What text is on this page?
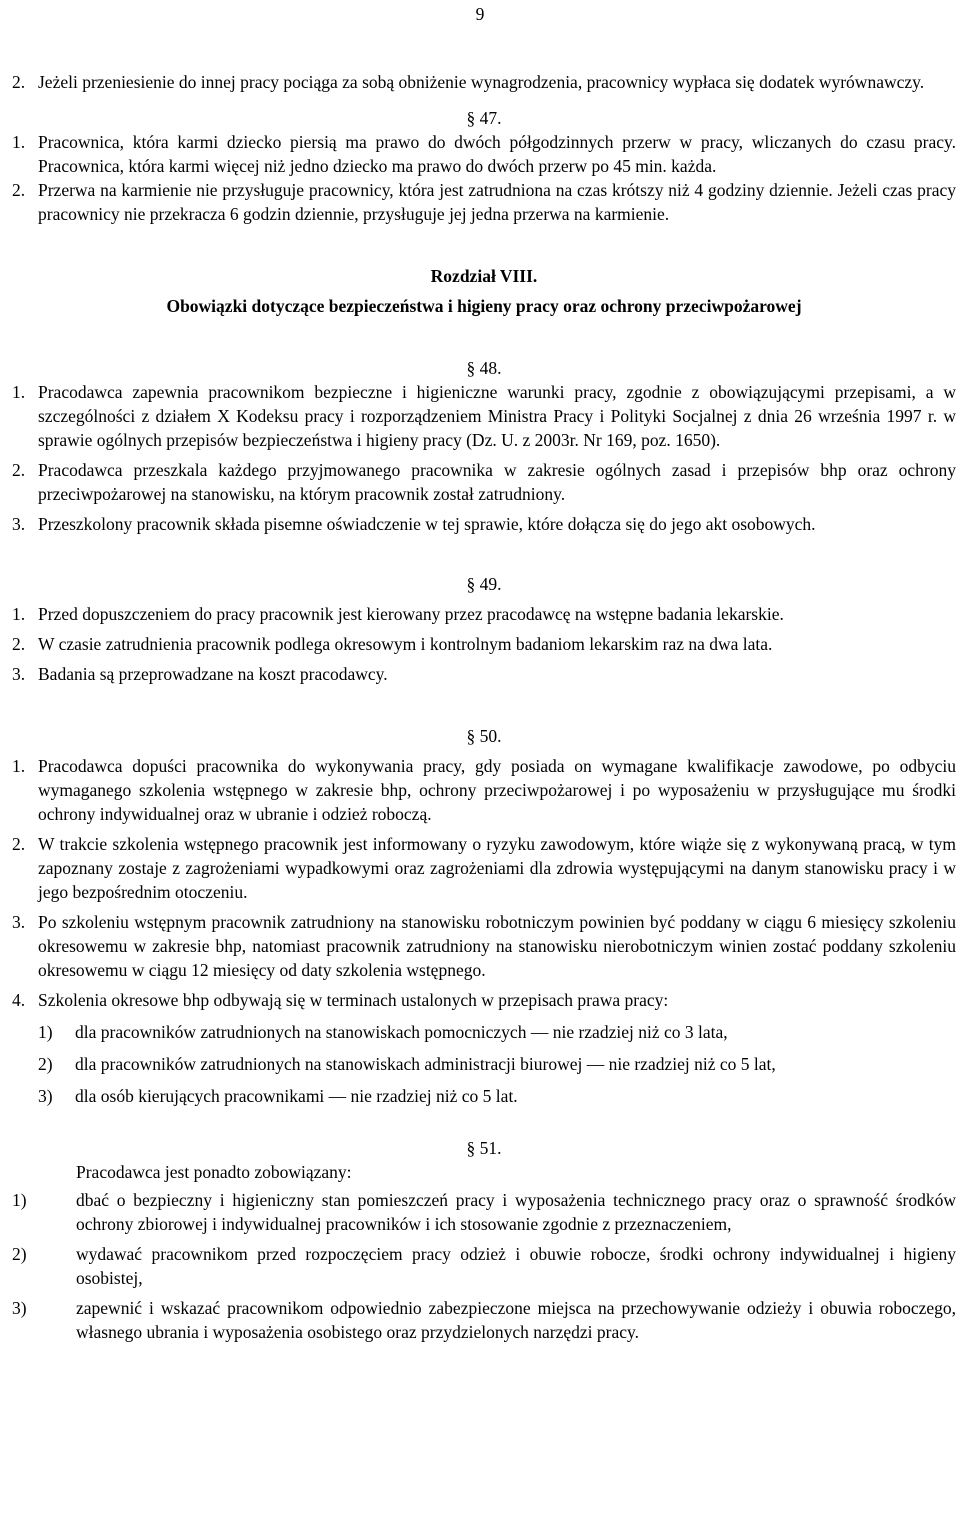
9
2. Jeżeli przeniesienie do innej pracy pociąga za sobą obniżenie wynagrodzenia, pracownicy wypłaca się dodatek wyrównawczy.
§ 47.
1. Pracownica, która karmi dziecko piersią ma prawo do dwóch półgodzinnych przerw w pracy, wliczanych do czasu pracy. Pracownica, która karmi więcej niż jedno dziecko ma prawo do dwóch przerw po 45 min. każda.
2. Przerwa na karmienie nie przysługuje pracownicy, która jest zatrudniona na czas krótszy niż 4 godziny dziennie. Jeżeli czas pracy pracownicy nie przekracza 6 godzin dziennie, przysługuje jej jedna przerwa na karmienie.
Rozdział VIII.
Obowiązki dotyczące bezpieczeństwa i higieny pracy oraz ochrony przeciwpożarowej
§ 48.
1. Pracodawca zapewnia pracownikom bezpieczne i higieniczne warunki pracy, zgodnie z obowiązującymi przepisami, a w szczególności z działem X Kodeksu pracy i rozporządzeniem Ministra Pracy i Polityki Socjalnej z dnia 26 września 1997 r. w sprawie ogólnych przepisów bezpieczeństwa i higieny pracy (Dz. U. z 2003r. Nr 169, poz. 1650).
2. Pracodawca przeszkala każdego przyjmowanego pracownika w zakresie ogólnych zasad i przepisów bhp oraz ochrony przeciwpożarowej na stanowisku, na którym pracownik został zatrudniony.
3. Przeszkolony pracownik składa pisemne oświadczenie w tej sprawie, które dołącza się do jego akt osobowych.
§ 49.
1. Przed dopuszczeniem do pracy pracownik jest kierowany przez pracodawcę na wstępne badania lekarskie.
2. W czasie zatrudnienia pracownik podlega okresowym i kontrolnym badaniom lekarskim raz na dwa lata.
3. Badania są przeprowadzane na koszt pracodawcy.
§ 50.
1. Pracodawca dopuści pracownika do wykonywania pracy, gdy posiada on wymagane kwalifikacje zawodowe, po odbyciu wymaganego szkolenia wstępnego w zakresie bhp, ochrony przeciwpożarowej i po wyposażeniu w przysługujące mu środki ochrony indywidualnej oraz w ubranie i odzież roboczą.
2. W trakcie szkolenia wstępnego pracownik jest informowany o ryzyku zawodowym, które wiąże się z wykonywaną pracą, w tym zapoznany zostaje z zagrożeniami wypadkowymi oraz zagrożeniami dla zdrowia występującymi na danym stanowisku pracy i w jego bezpośrednim otoczeniu.
3. Po szkoleniu wstępnym pracownik zatrudniony na stanowisku robotniczym powinien być poddany w ciągu 6 miesięcy szkoleniu okresowemu w zakresie bhp, natomiast pracownik zatrudniony na stanowisku nierobotniczym winien zostać poddany szkoleniu okresowemu w ciągu 12 miesięcy od daty szkolenia wstępnego.
4. Szkolenia okresowe bhp odbywają się w terminach ustalonych w przepisach prawa pracy:
1)	dla pracowników zatrudnionych na stanowiskach pomocniczych — nie rzadziej niż co 3 lata,
2)	dla pracowników zatrudnionych na stanowiskach administracji biurowej — nie rzadziej niż co 5 lat,
3)	dla osób kierujących pracownikami — nie rzadziej niż co 5 lat.
§ 51.
Pracodawca jest ponadto zobowiązany:
1)	dbać o bezpieczny i higieniczny stan pomieszczeń pracy i wyposażenia technicznego pracy oraz o sprawność środków ochrony zbiorowej i indywidualnej pracowników i ich stosowanie zgodnie z przeznaczeniem,
2)	wydawać pracownikom przed rozpoczęciem pracy odzież i obuwie robocze, środki ochrony indywidualnej i higieny osobistej,
3)	zapewnić i wskazać pracownikom odpowiednio zabezpieczone miejsca na przechowywanie odzieży i obuwia roboczego, własnego ubrania i wyposażenia osobistego oraz przydzielonych narzędzi pracy.
